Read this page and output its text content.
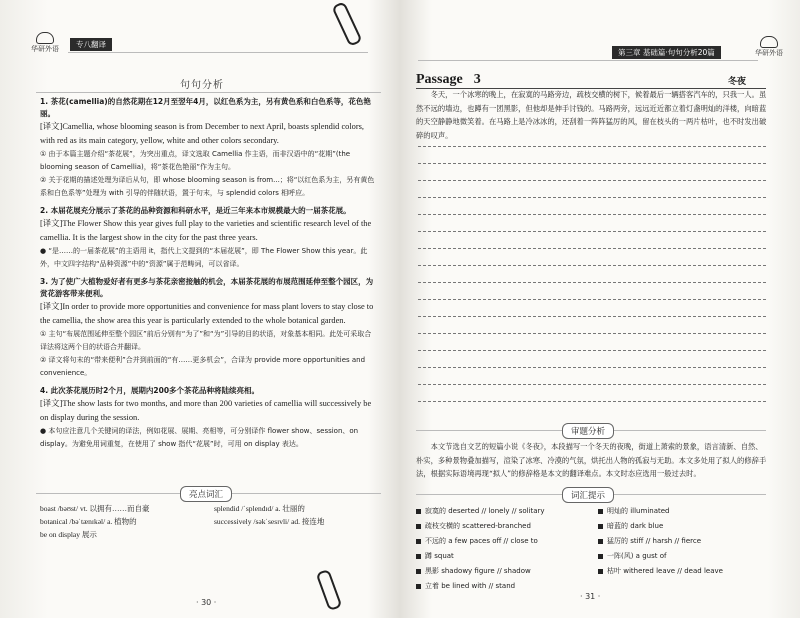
华研外语	专八翻译
句句分析
1. 茶花(camellia)的自然花期在12月至翌年4月，以红色系为主，另有黄色系和白色系等，花色艳丽。
[译文]Camellia, whose blooming season is from December to next April, boasts splendid colors, with red as its main category, yellow, white and other colors secondary.
① 由于本篇主题介绍“茶花展”，为突出重点，译文选取 Camellia 作主语，而非汉语中的“花期”(the blooming season of Camellia)，将“茶花色艳丽”作为主句。
② 关于花期的描述处理为译后从句，即 whose blooming season is from...；将“以红色系为主，另有黄色系和白色系等”处理为 with 引导的伴随状语，置于句末，与 splendid colors 相呼应。
2. 本届花展充分展示了茶花的品种资源和科研水平，是近三年来本市规模最大的一届茶花展。
[译文]The Flower Show this year gives full play to the varieties and scientific research level of the camellia. It is the largest show in the city for the past three years.
● “是……的一届茶花展”的主语用 it，指代上文提到的“本届花展”，即 The Flower Show this year。此外，中文四字结构“品种资源”中的“资源”属于范畴词，可以省译。
3. 为了使广大植物爱好者有更多与茶花亲密接触的机会，本届茶花展的布展范围延伸至整个园区，为赏花游客带来便利。
[译文]In order to provide more opportunities and convenience for mass plant lovers to stay close to the camellia, the show area this year is particularly extended to the whole botanical garden.
① 主句“布展范围延伸至整个园区”前后分别有“为了”和“为”引导的目的状语，对象基本相同。此处可采取合译法将这两个目的状语合并翻译。
② 译文将句末的“带来便利”合并到前面的“有……更多机会”，合译为 provide more opportunities and convenience。
4. 此次茶花展历时2个月，展期内200多个茶花品种将陆续亮相。
[译文]The show lasts for two months, and more than 200 varieties of camellia will successively be on display during the session.
● 本句应注意几个关键词的译法，例如花展、展期、亮相等，可分别译作 flower show、session、on display。为避免用词重复，在使用了 show 指代“花展”时，可用 on display 表达。
亮点词汇
boast /bəʊst/ vt. 以拥有……而自豪
botanical /bəˈtænɪkəl/ a. 植物的
be on display 展示
splendid /ˈsplendɪd/ a. 壮丽的
successively /səkˈsesɪvli/ ad. 接连地
· 30 ·
第三章 基础篇·句句分析20篇	华研外语
Passage 3	冬夜
冬天，一个冰寒的晚上，在寂寞的马路旁边，疏枝交横的树下，候着最后一辆搭客汽车的，只我一人。虽然不远的墙边，也蹲有一团黑影，但他却是伸手讨钱的。马路两旁，远远近近都立着灯盏明灿的洋楼，向暗蓝的天空静静地微笑着。在马路上是冷冰冰的，还刮着一阵阵猛厉的风，留在枝头的一两片枯叶，也不时发出破碎的叹声。
审题分析
本文节选自文艺的短篇小说《冬夜》，本段描写一个冬天的夜晚，街道上萧索的景象，语言清新、自然、朴实，多种景物叠加描写，渲染了冰寒、冷漠的气氛，烘托出人物的孤寂与无助。本文多处用了拟人的修辞手法，根据实际语境再现“拟人”的修辞格是本文的翻译难点。本文时态应选用一般过去时。
词汇提示
寂寞的 deserted // lonely // solitary
疏枝交横的 scattered-branched
不远的 a few paces off // close to
蹲 squat
黑影 shadowy figure // shadow
立着 be lined with // stand
明灿的 illuminated
暗蓝的 dark blue
猛厉的 stiff // harsh // fierce
一阵(风) a gust of
枯叶 withered leave // dead leave
· 31 ·
